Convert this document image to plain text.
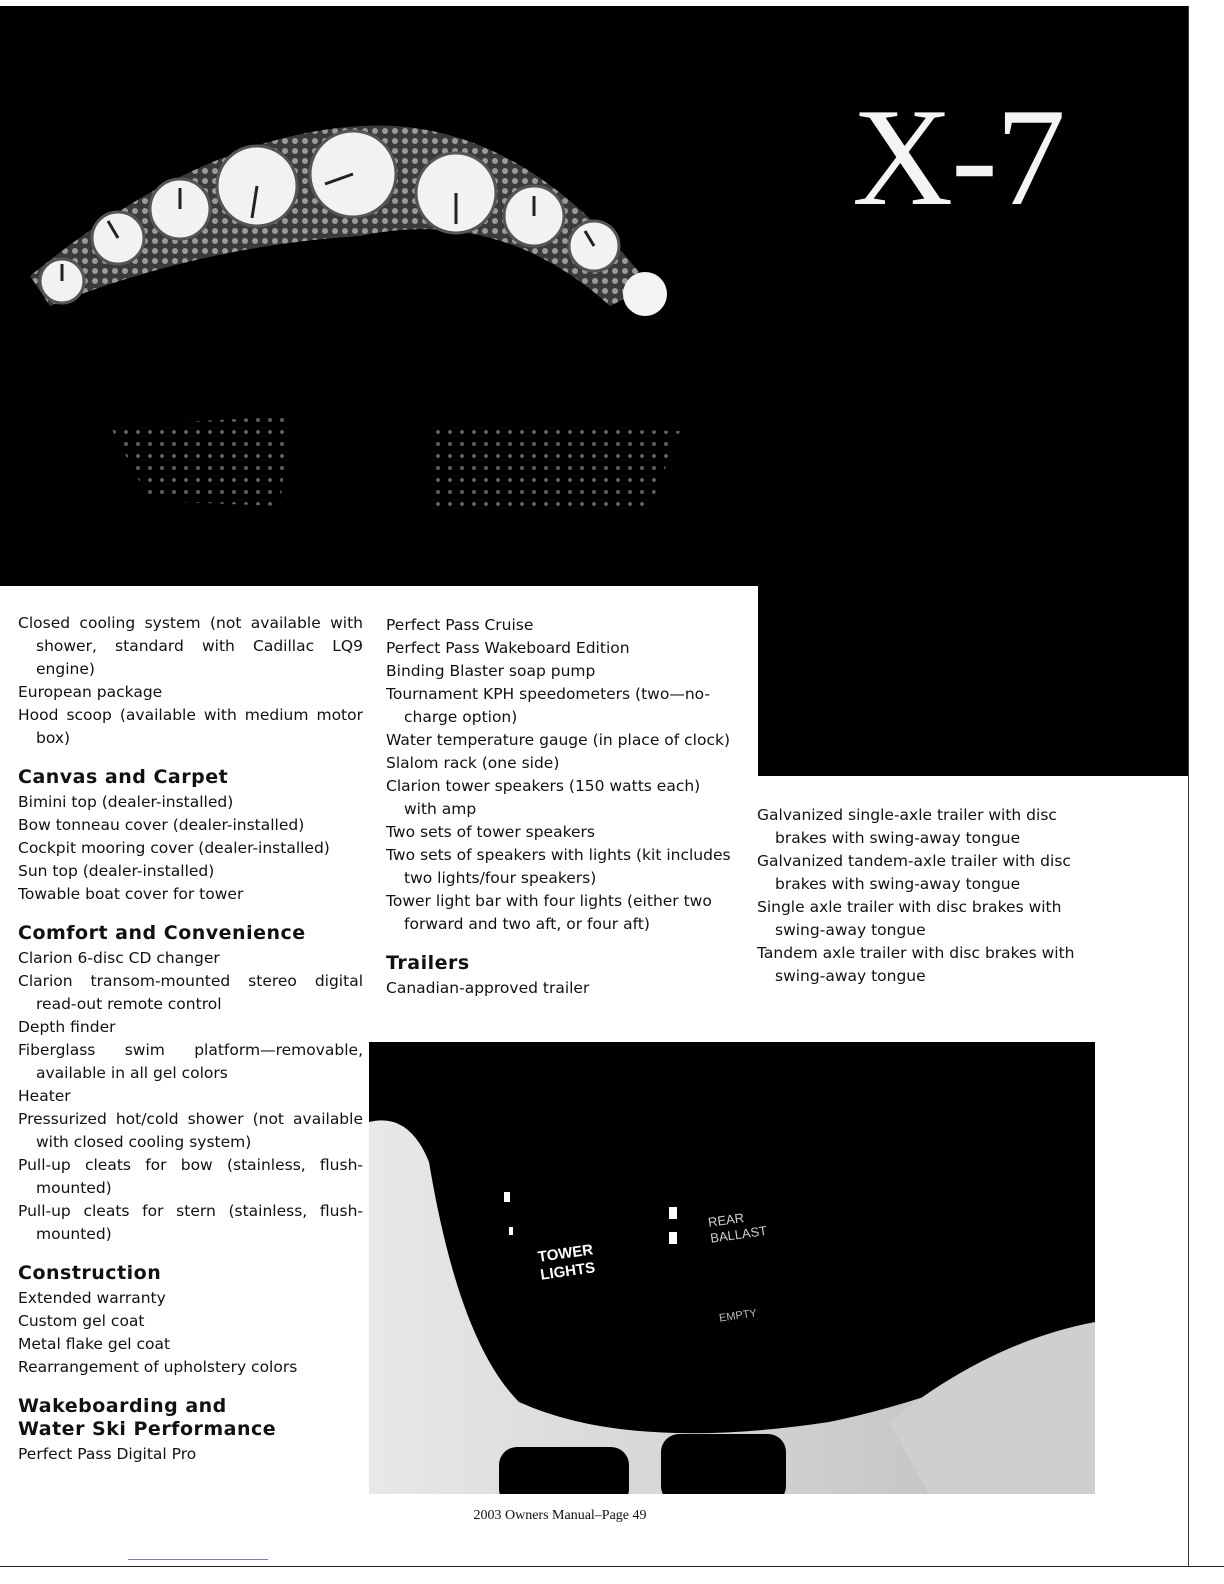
X-7

Closed cooling system (not available with shower, standard with Cadillac LQ9 engine)

European package

Hood scoop (available with medium motor box)

Canvas and Carpet

Bimini top (dealer-installed)

Bow tonneau cover (dealer-installed)

Cockpit mooring cover (dealer-installed)

Sun top (dealer-installed)

Towable boat cover for tower

Comfort and Convenience

Clarion 6-disc CD changer

Clarion transom-mounted stereo digital read-out remote control

Depth finder

Fiberglass swim platform—removable, available in all gel colors

Heater

Pressurized hot/cold shower (not available with closed cooling system)

Pull-up cleats for bow (stainless, flush-mounted)

Pull-up cleats for stern (stainless, flush-mounted)

Construction

Extended warranty

Custom gel coat

Metal flake gel coat

Rearrangement of upholstery colors

Wakeboarding and
Water Ski Performance

Perfect Pass Digital Pro

Perfect Pass Cruise

Perfect Pass Wakeboard Edition

Binding Blaster soap pump

Tournament KPH speedometers (two—no-charge option)

Water temperature gauge (in place of clock)

Slalom rack (one side)

Clarion tower speakers (150 watts each) with amp

Two sets of tower speakers

Two sets of speakers with lights (kit includes two lights/four speakers)

Tower light bar with four lights (either two forward and two aft, or four aft)

Trailers

Canadian-approved trailer

Galvanized single-axle trailer with disc brakes with swing-away tongue

Galvanized tandem-axle trailer with disc brakes with swing-away tongue

Single axle trailer with disc brakes with swing-away tongue

Tandem axle trailer with disc brakes with swing-away tongue

TOWER LIGHTS
REAR BALLAST
EMPTY
2003 Owners Manual–Page 49
